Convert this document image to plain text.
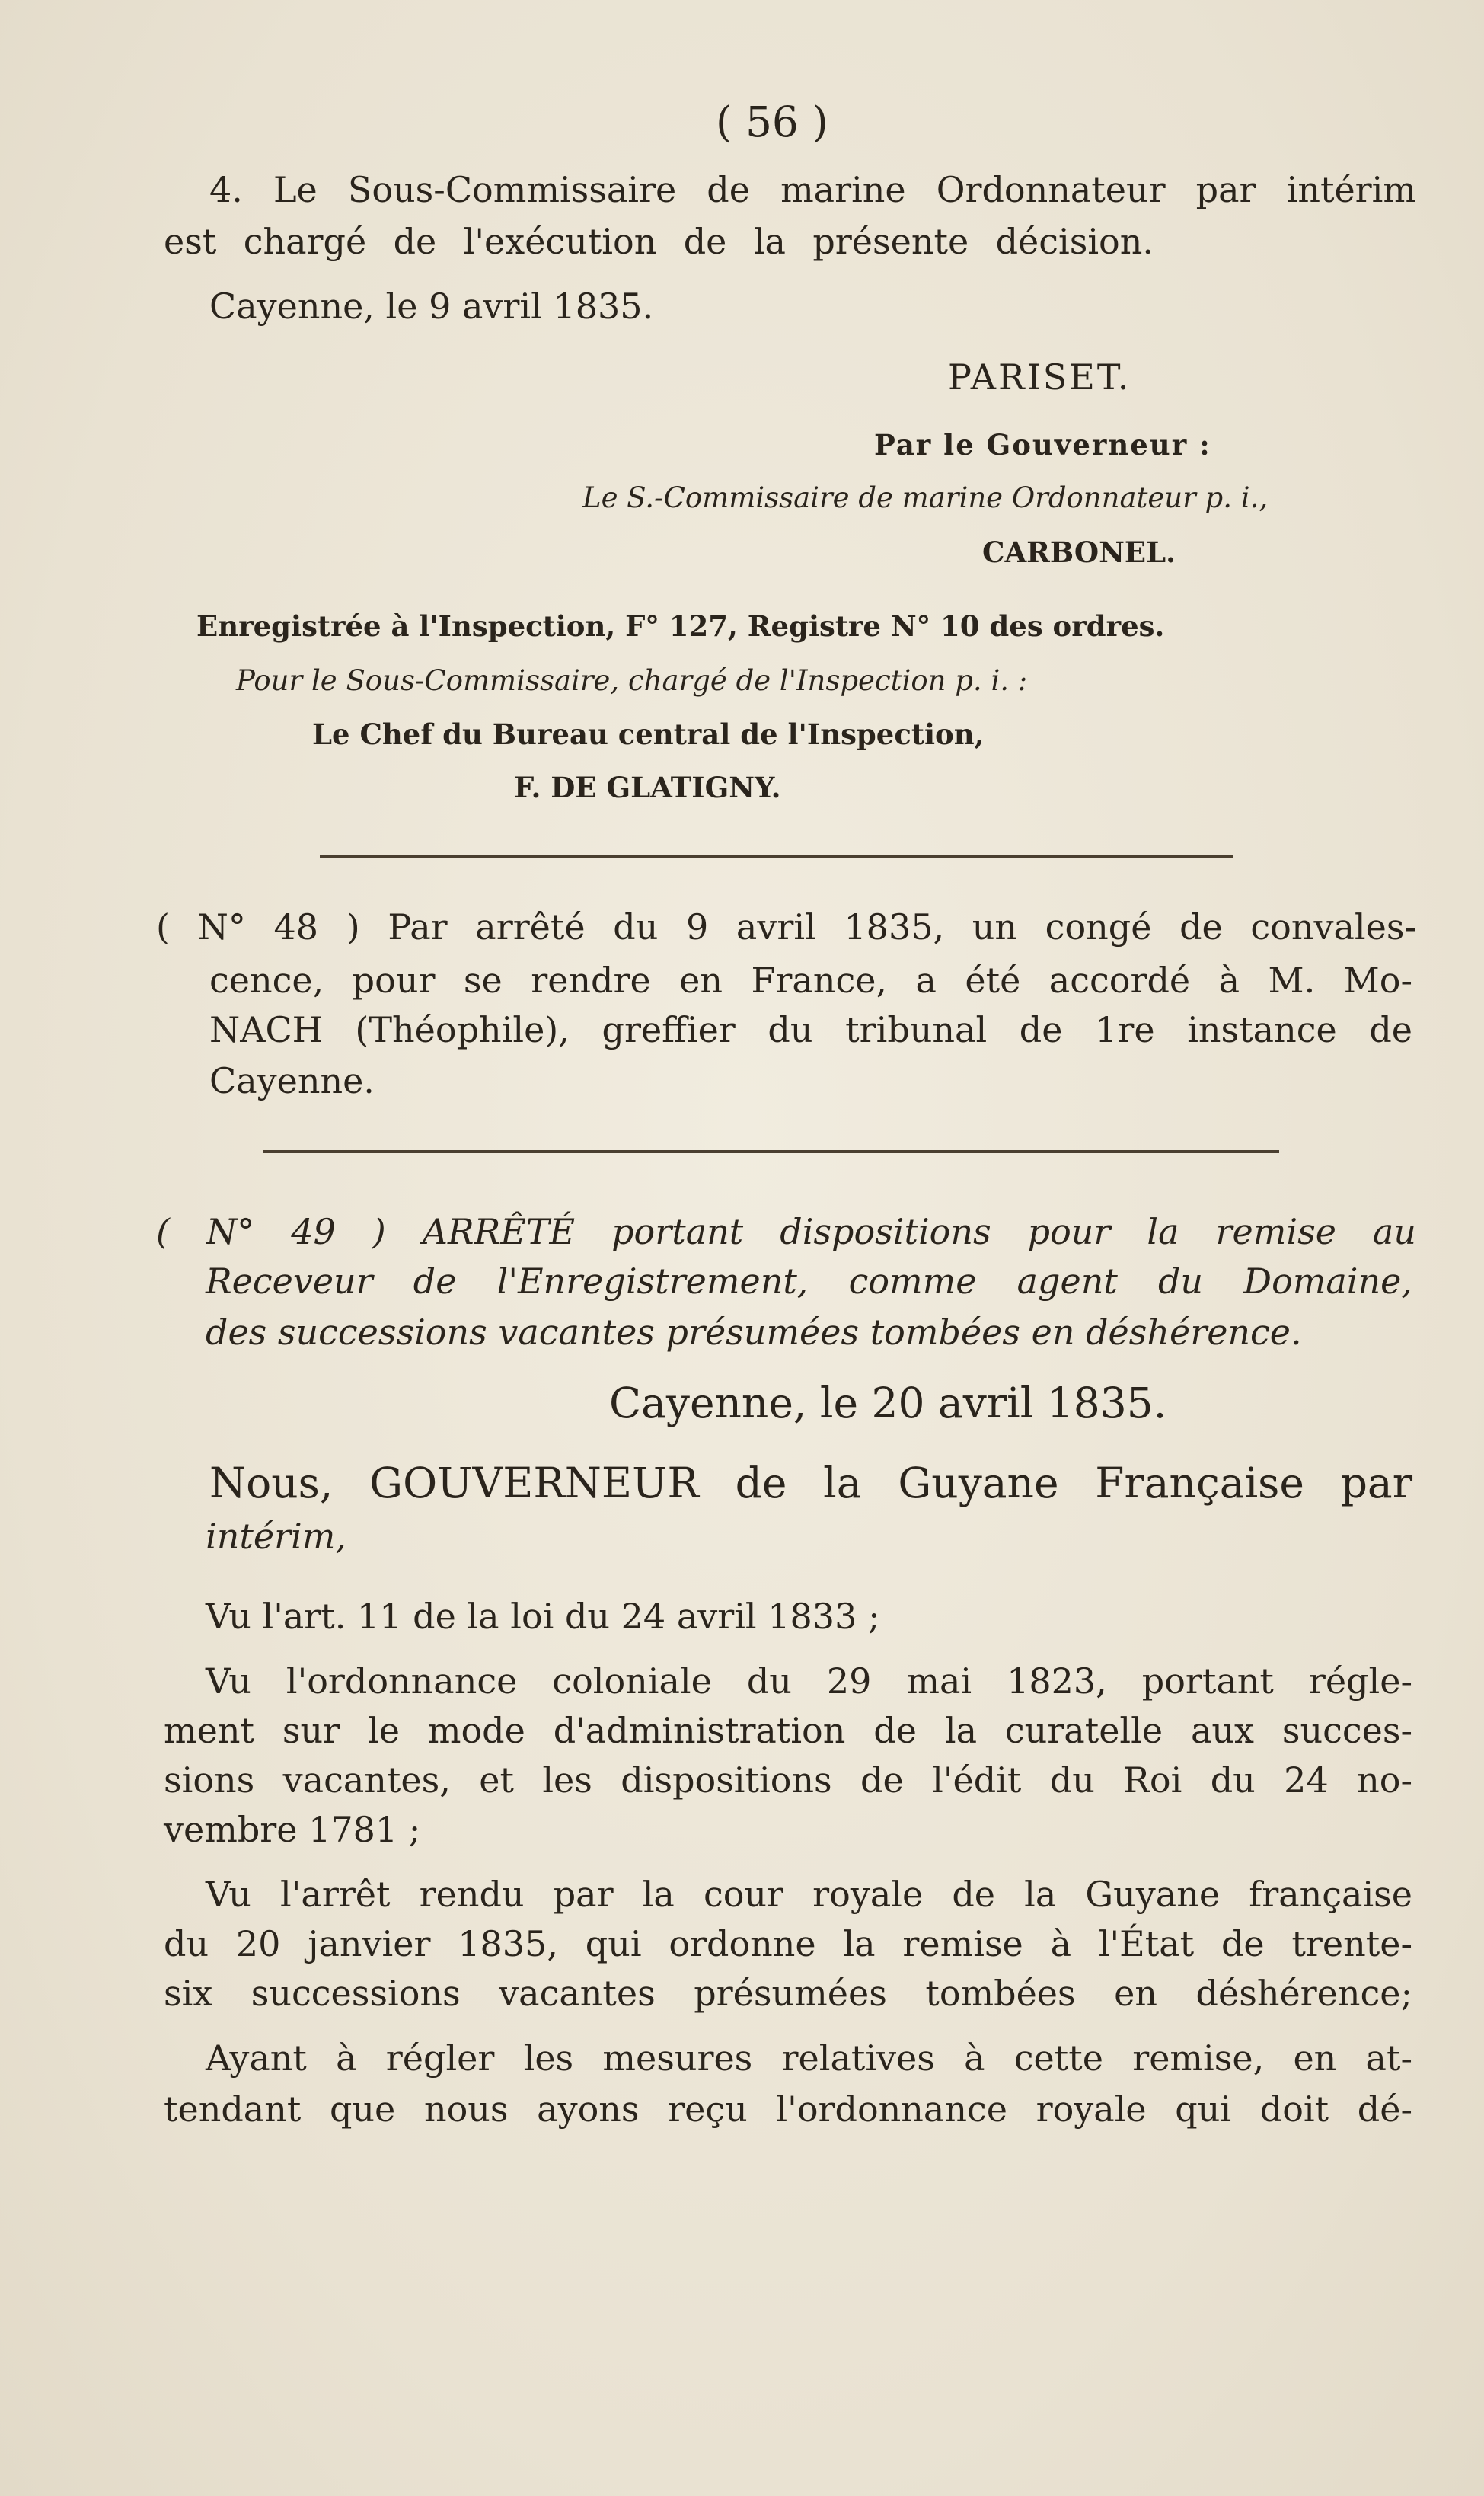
( 56 )
4. Le Sous-Commissaire de marine Ordonnateur par intérim
est chargé de l'exécution de la présente décision.
Cayenne, le 9 avril 1835.
PARISET.
Par le Gouverneur :
Le S.-Commissaire de marine Ordonnateur p. i.,
CARBONEL.
Enregistrée à l'Inspection, F° 127, Registre N° 10 des ordres.
Pour le Sous-Commissaire, chargé de l'Inspection p. i. :
Le Chef du Bureau central de l'Inspection,
F. DE GLATIGNY.
( N° 48 ) Par arrêté du 9 avril 1835, un congé de convales-
cence, pour se rendre en France, a été accordé à M. Mo-
NACH (Théophile), greffier du tribunal de 1re instance de
Cayenne.
( N° 49 ) ARRÊTÉ portant dispositions pour la remise au
Receveur de l'Enregistrement, comme agent du Domaine,
des successions vacantes présumées tombées en déshérence.
Cayenne, le 20 avril 1835.
Nous, GOUVERNEUR de la Guyane Française par
intérim,
Vu l'art. 11 de la loi du 24 avril 1833 ;
Vu l'ordonnance coloniale du 29 mai 1823, portant régle-
ment sur le mode d'administration de la curatelle aux succes-
sions vacantes, et les dispositions de l'édit du Roi du 24 no-
vembre 1781 ;
Vu l'arrêt rendu par la cour royale de la Guyane française
du 20 janvier 1835, qui ordonne la remise à l'État de trente-
six successions vacantes présumées tombées en déshérence;
Ayant à régler les mesures relatives à cette remise, en at-
tendant que nous ayons reçu l'ordonnance royale qui doit dé-
